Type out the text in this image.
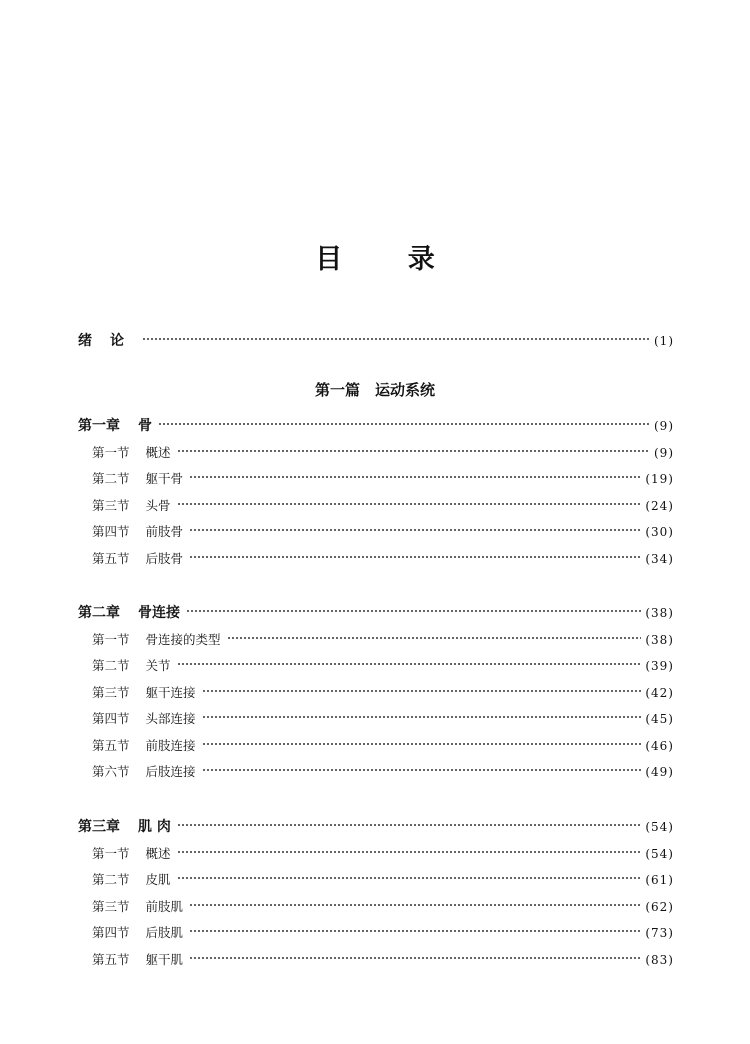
目 录
绪论	(1)
第一篇　运动系统
第一章 骨	(9)
第一节 概述	(9)
第二节 躯干骨	(19)
第三节 头骨	(24)
第四节 前肢骨	(30)
第五节 后肢骨	(34)
第二章 骨连接	(38)
第一节 骨连接的类型	(38)
第二节 关节	(39)
第三节 躯干连接	(42)
第四节 头部连接	(45)
第五节 前肢连接	(46)
第六节 后肢连接	(49)
第三章 肌 肉	(54)
第一节 概述	(54)
第二节 皮肌	(61)
第三节 前肢肌	(62)
第四节 后肢肌	(73)
第五节 躯干肌	(83)
